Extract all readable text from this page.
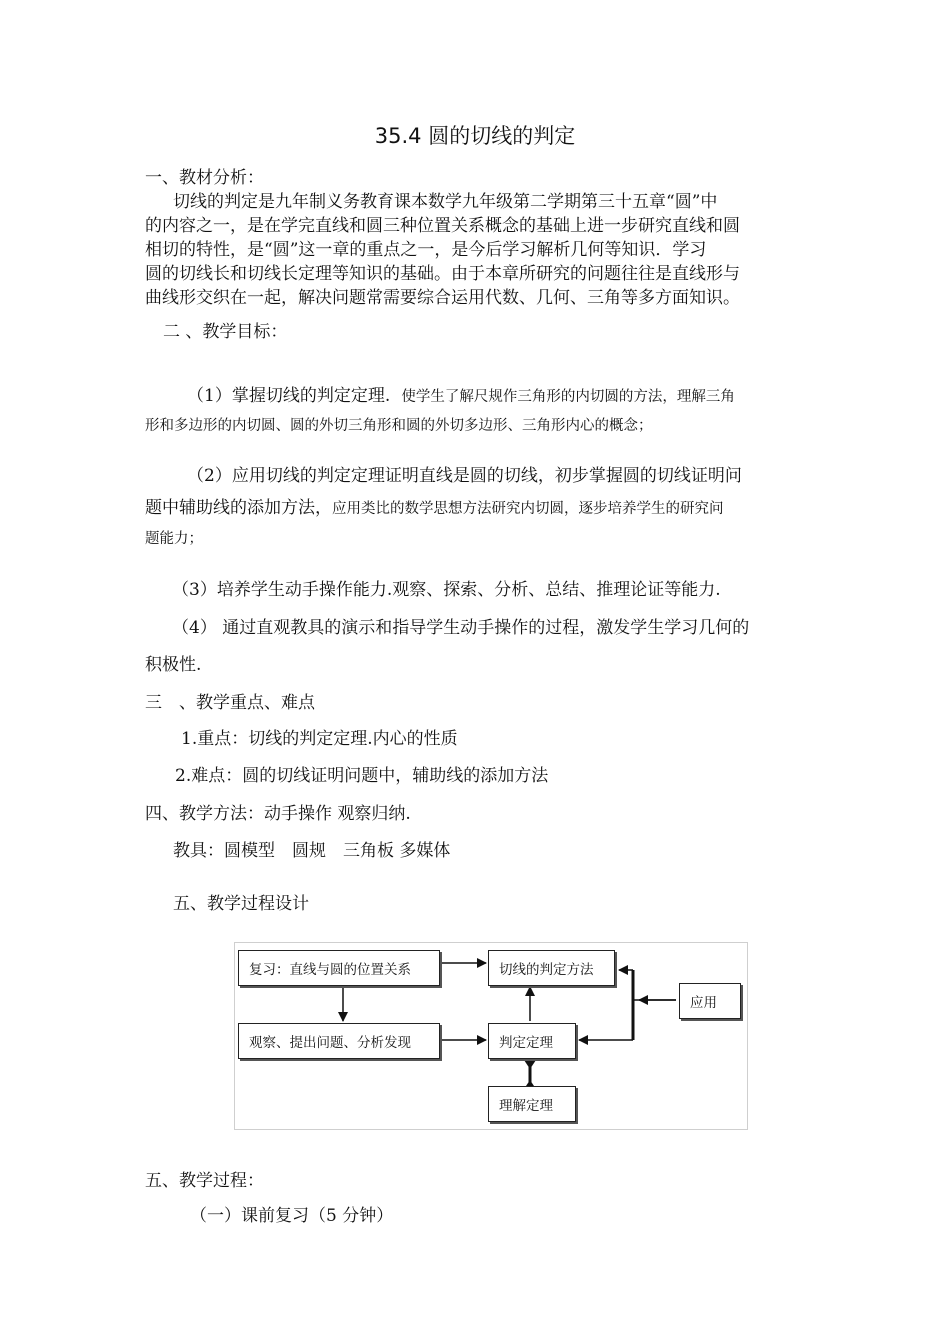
35.4 圆的切线的判定

一、教材分析：

切线的判定是九年制义务教育课本数学九年级第二学期第三十五章“圆”中

的内容之一，是在学完直线和圆三种位置关系概念的基础上进一步研究直线和圆

相切的特性，是“圆”这一章的重点之一，是今后学习解析几何等知识．学习

圆的切线长和切线长定理等知识的基础。由于本章所研究的问题往往是直线形与

曲线形交织在一起，解决问题常需要综合运用代数、几何、三角等多方面知识。

二 、教学目标：

（1）掌握切线的判定定理. 使学生了解尺规作三角形的内切圆的方法，理解三角

形和多边形的内切圆、圆的外切三角形和圆的外切多边形、三角形内心的概念；

（2）应用切线的判定定理证明直线是圆的切线，初步掌握圆的切线证明问

题中辅助线的添加方法，应用类比的数学思想方法研究内切圆，逐步培养学生的研究问

题能力；

（3）培养学生动手操作能力.观察、探索、分析、总结、推理论证等能力.

（4） 通过直观教具的演示和指导学生动手操作的过程，激发学生学习几何的

积极性.

三　、教学重点、难点

1.重点：切线的判定定理.内心的性质

2.难点：圆的切线证明问题中，辅助线的添加方法

四、教学方法：动手操作 观察归纳.

教具：圆模型　圆规　三角板 多媒体

五、教学过程设计

复习：直线与圆的位置关系	切线的判定方法
观察、提出问题、分析发现	判定定理
理解定理
应用

五、教学过程：

（一）课前复习（5 分钟）
